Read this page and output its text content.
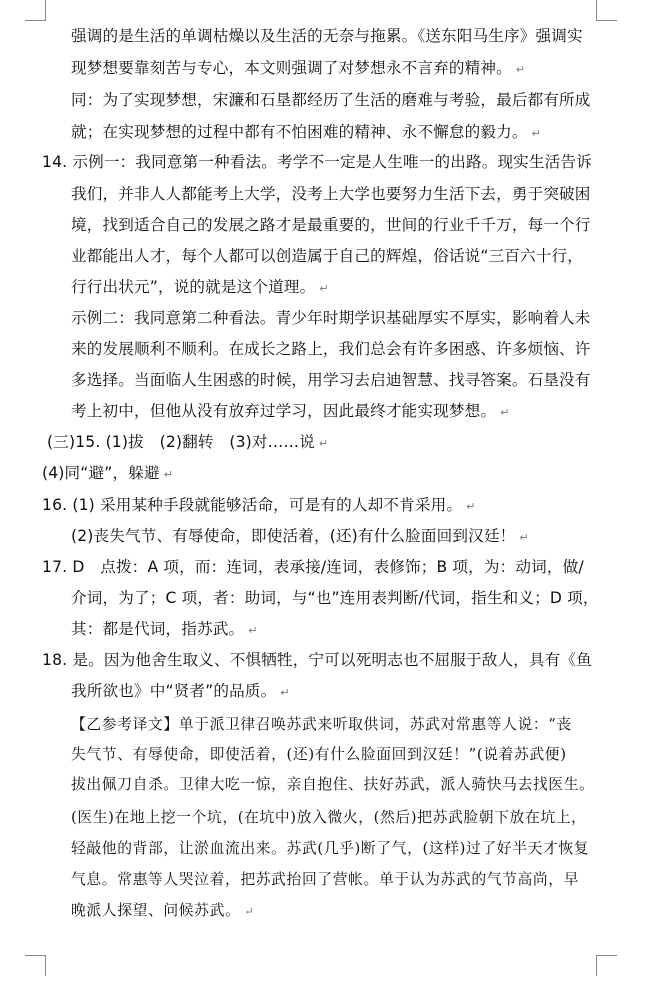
强调的是生活的单调枯燥以及生活的无奈与拖累。《送东阳马生序》强调实
现梦想要靠刻苦与专心，本文则强调了对梦想永不言弃的精神。 ↵
同：为了实现梦想，宋濂和石垦都经历了生活的磨难与考验，最后都有所成
就；在实现梦想的过程中都有不怕困难的精神、永不懈怠的毅力。 ↵
14. 示例一：我同意第一种看法。考学不一定是人生唯一的出路。现实生活告诉
我们，并非人人都能考上大学，没考上大学也要努力生活下去，勇于突破困
境，找到适合自己的发展之路才是最重要的，世间的行业千千万，每一个行
业都能出人才，每个人都可以创造属于自己的辉煌，俗话说“三百六十行，
行行出状元”，说的就是这个道理。 ↵
示例二：我同意第二种看法。青少年时期学识基础厚实不厚实，影响着人未
来的发展顺利不顺利。在成长之路上，我们总会有许多困惑、许多烦恼、许
多选择。当面临人生困惑的时候，用学习去启迪智慧、找寻答案。石垦没有
考上初中，但他从没有放弃过学习，因此最终才能实现梦想。 ↵
(三)15. (1)拔　(2)翻转　(3)对……说 ↵
(4)同“避”，躲避 ↵
16. (1) 采用某种手段就能够活命，可是有的人却不肯采用。 ↵
(2)丧失气节、有辱使命，即使活着，(还)有什么脸面回到汉廷！ ↵
17. D　点拨：A 项，而：连词，表承接/连词，表修饰；B 项，为：动词，做/
介词，为了；C 项，者：助词，与“也”连用表判断/代词，指生和义；D 项，
其：都是代词，指苏武。 ↵
18. 是。因为他舍生取义、不惧牺牲，宁可以死明志也不屈服于敌人，具有《鱼
我所欲也》中“贤者”的品质。 ↵
【乙参考译文】单于派卫律召唤苏武来听取供词，苏武对常惠等人说：“丧
失气节、有辱使命，即使活着，(还)有什么脸面回到汉廷！”(说着苏武便)
拔出佩刀自杀。卫律大吃一惊，亲自抱住、扶好苏武，派人骑快马去找医生。
(医生)在地上挖一个坑，(在坑中)放入微火，(然后)把苏武脸朝下放在坑上，
轻敲他的背部，让淤血流出来。苏武(几乎)断了气，(这样)过了好半天才恢复
气息。常惠等人哭泣着，把苏武抬回了营帐。单于认为苏武的气节高尚，早
晚派人探望、问候苏武。 ↵
